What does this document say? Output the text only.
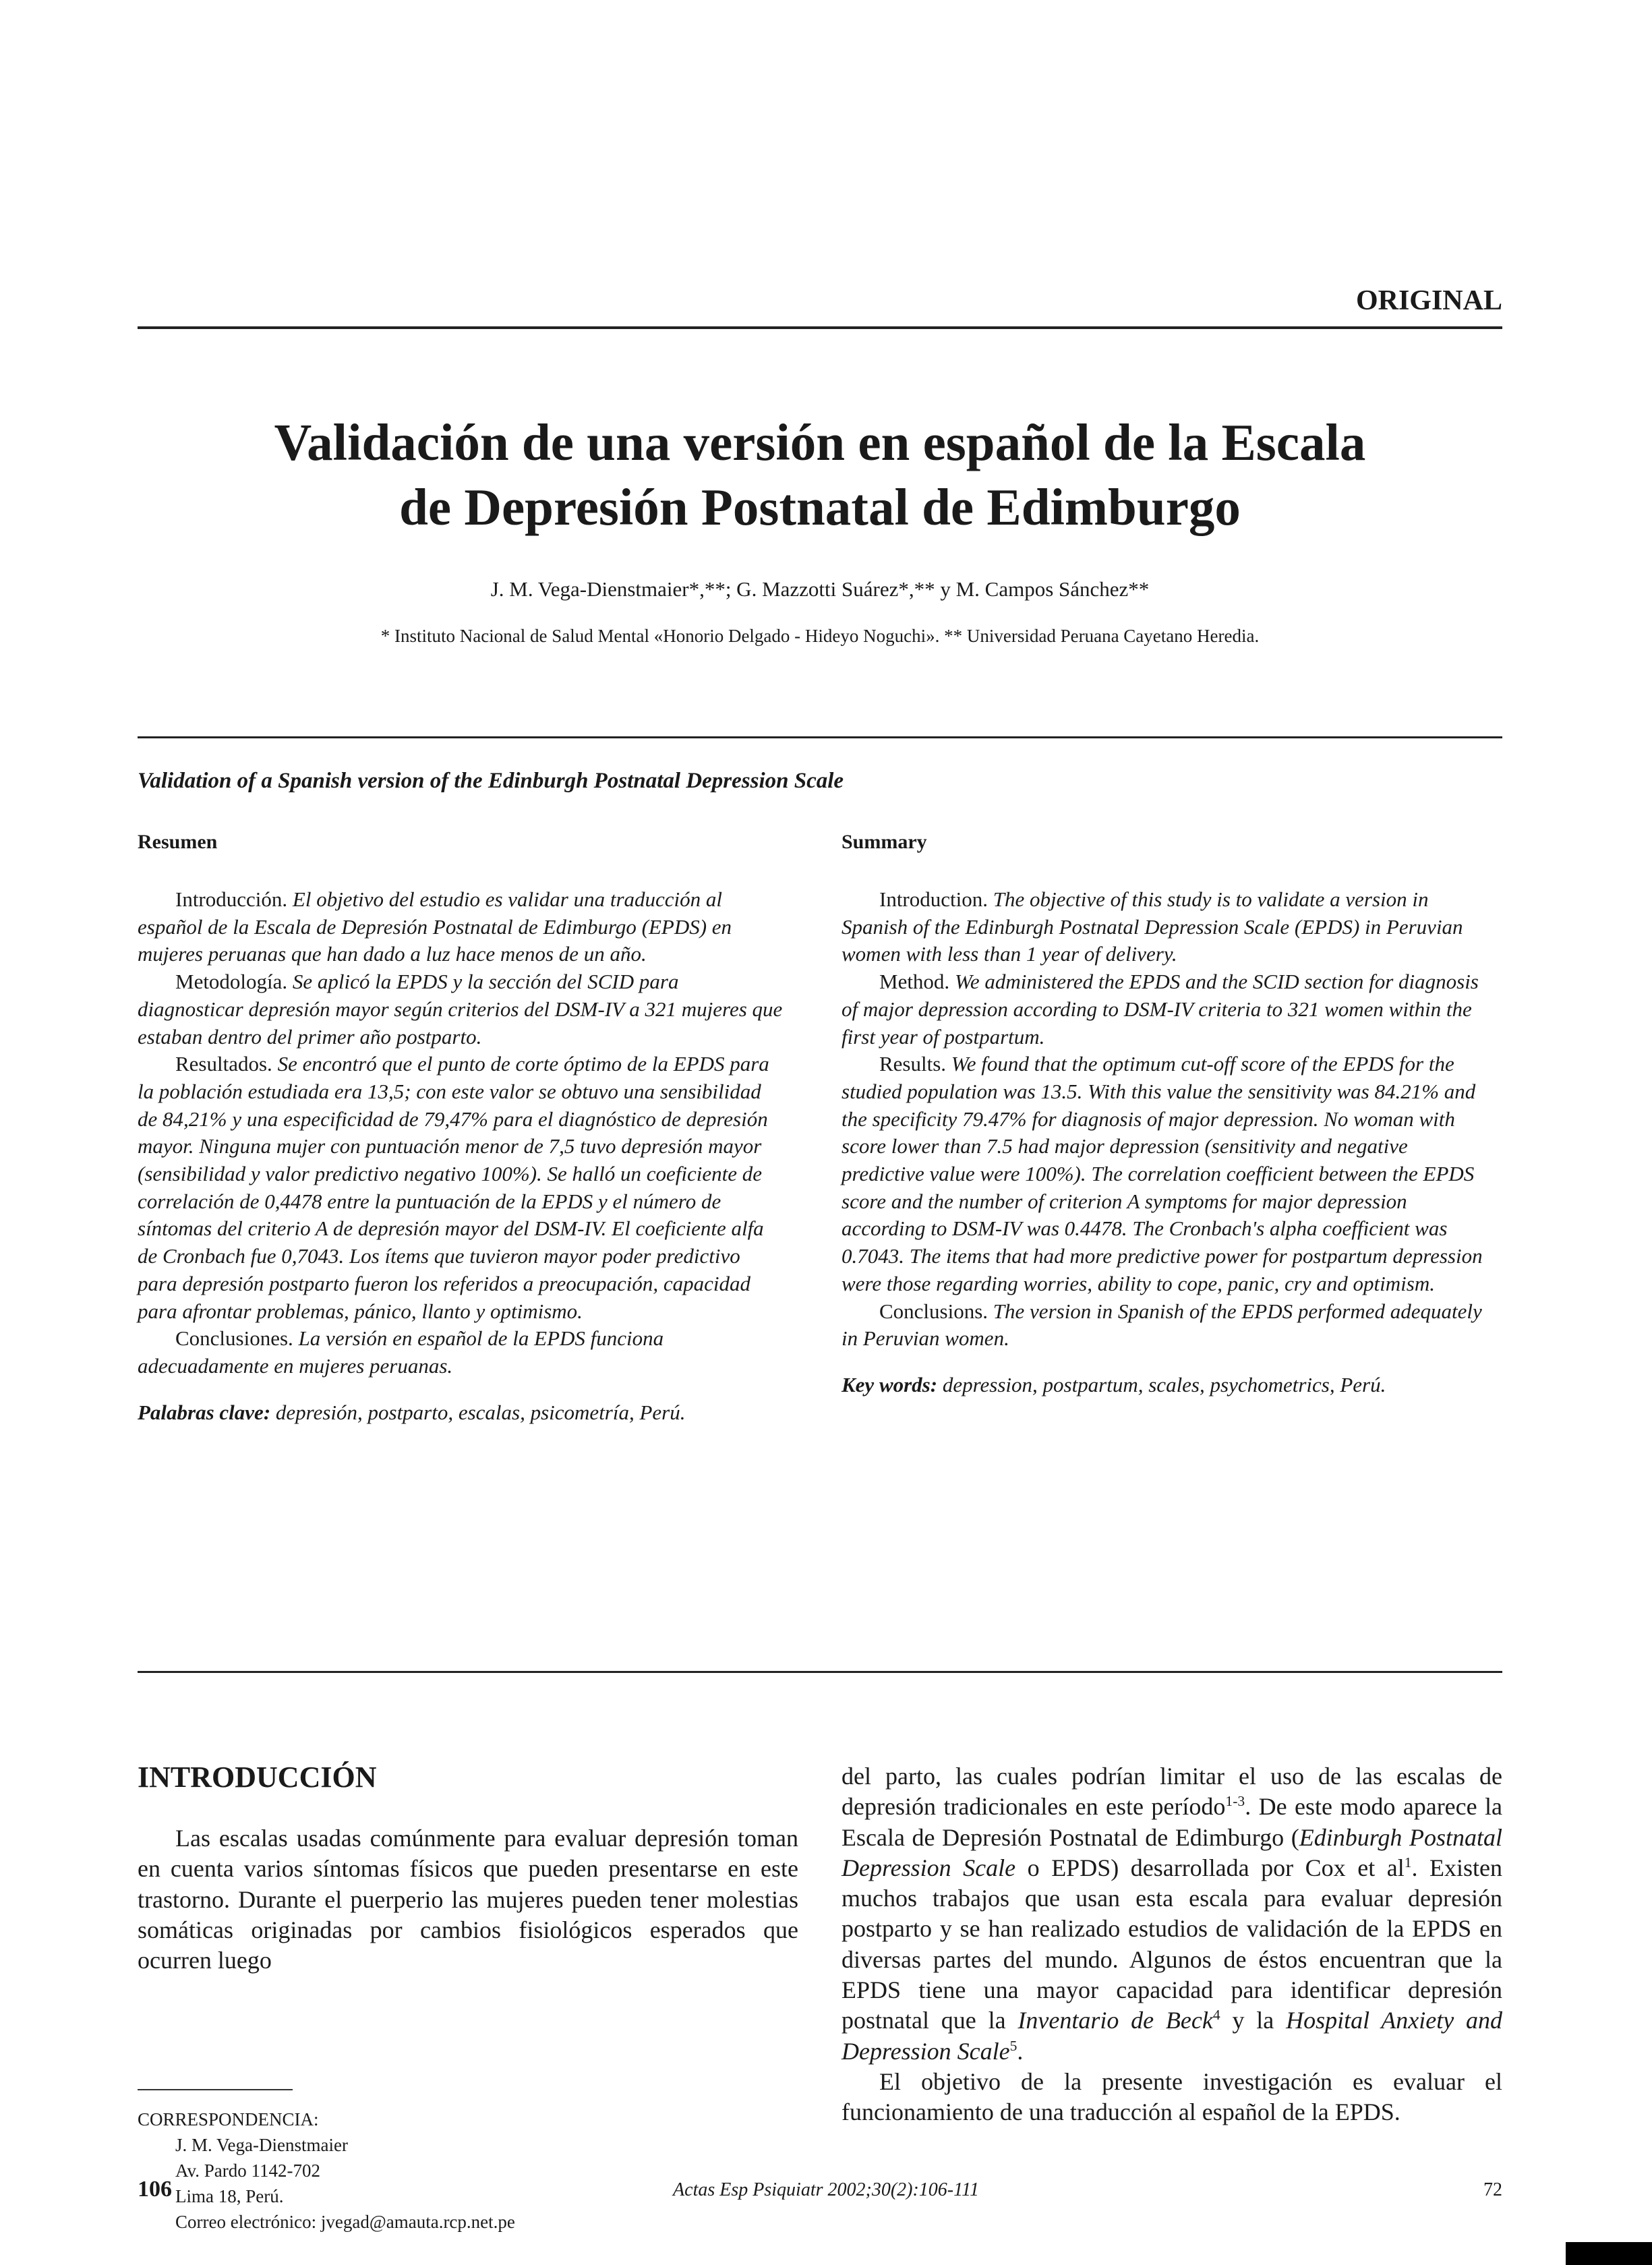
ORIGINAL
Validación de una versión en español de la Escala
de Depresión Postnatal de Edimburgo
J. M. Vega-Dienstmaier*,**; G. Mazzotti Suárez*,** y M. Campos Sánchez**
* Instituto Nacional de Salud Mental «Honorio Delgado - Hideyo Noguchi». ** Universidad Peruana Cayetano Heredia.
Validation of a Spanish version of the Edinburgh Postnatal Depression Scale
Resumen

Introducción. El objetivo del estudio es validar una traducción al español de la Escala de Depresión Postnatal de Edimburgo (EPDS) en mujeres peruanas que han dado a luz hace menos de un año.

Metodología. Se aplicó la EPDS y la sección del SCID para diagnosticar depresión mayor según criterios del DSM-IV a 321 mujeres que estaban dentro del primer año postparto.

Resultados. Se encontró que el punto de corte óptimo de la EPDS para la población estudiada era 13,5; con este valor se obtuvo una sensibilidad de 84,21% y una especificidad de 79,47% para el diagnóstico de depresión mayor. Ninguna mujer con puntuación menor de 7,5 tuvo depresión mayor (sensibilidad y valor predictivo negativo 100%). Se halló un coeficiente de correlación de 0,4478 entre la puntuación de la EPDS y el número de síntomas del criterio A de depresión mayor del DSM-IV. El coeficiente alfa de Cronbach fue 0,7043. Los ítems que tuvieron mayor poder predictivo para depresión postparto fueron los referidos a preocupación, capacidad para afrontar problemas, pánico, llanto y optimismo.

Conclusiones. La versión en español de la EPDS funciona adecuadamente en mujeres peruanas.

Palabras clave: depresión, postparto, escalas, psicometría, Perú.
Summary

Introduction. The objective of this study is to validate a version in Spanish of the Edinburgh Postnatal Depression Scale (EPDS) in Peruvian women with less than 1 year of delivery.

Method. We administered the EPDS and the SCID section for diagnosis of major depression according to DSM-IV criteria to 321 women within the first year of postpartum.

Results. We found that the optimum cut-off score of the EPDS for the studied population was 13.5. With this value the sensitivity was 84.21% and the specificity 79.47% for diagnosis of major depression. No woman with score lower than 7.5 had major depression (sensitivity and negative predictive value were 100%). The correlation coefficient between the EPDS score and the number of criterion A symptoms for major depression according to DSM-IV was 0.4478. The Cronbach's alpha coefficient was 0.7043. The items that had more predictive power for postpartum depression were those regarding worries, ability to cope, panic, cry and optimism.

Conclusions. The version in Spanish of the EPDS performed adequately in Peruvian women.

Key words: depression, postpartum, scales, psychometrics, Perú.
INTRODUCCIÓN

Las escalas usadas comúnmente para evaluar depresión toman en cuenta varios síntomas físicos que pueden presentarse en este trastorno. Durante el puerperio las mujeres pueden tener molestias somáticas originadas por cambios fisiológicos esperados que ocurren luego

del parto, las cuales podrían limitar el uso de las escalas de depresión tradicionales en este período$^{1-3}$. De este modo aparece la Escala de Depresión Postnatal de Edimburgo (Edinburgh Postnatal Depression Scale o EPDS) desarrollada por Cox et $al^1$. Existen muchos trabajos que usan esta escala para evaluar depresión postparto y se han realizado estudios de validación de la EPDS en diversas partes del mundo. Algunos de éstos encuentran que la EPDS tiene una mayor capacidad para identificar depresión postnatal que la Inventario de Beck$^4$ y la Hospital Anxiety and Depression Scale$^5$.

El objetivo de la presente investigación es evaluar el funcionamiento de una traducción al español de la EPDS.

CORRESPONDENCIA:
J. M. Vega-Dienstmaier
Av. Pardo 1142-702
Lima 18, Perú.
Correo electrónico: jvegad@amauta.rcp.net.pe
106	Actas Esp Psiquiatr 2002;30(2):106-111	72
